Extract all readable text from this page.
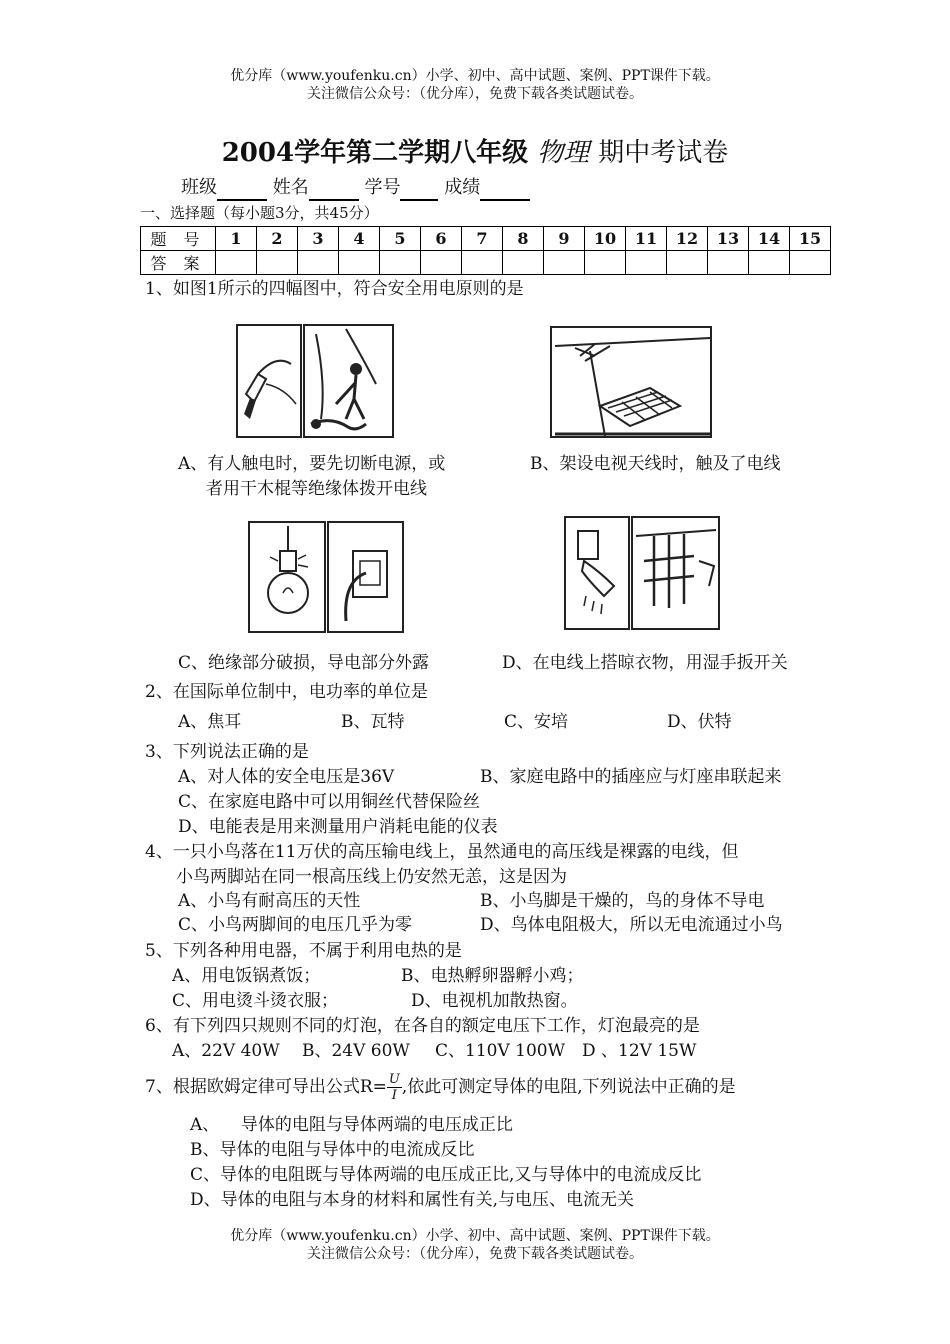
优分库（www.youfenku.cn）小学、初中、高中试题、案例、PPT课件下载。
关注微信公众号：（优分库），免费下载各类试题试卷。
2004学年第二学期八年级 物理 期中考试卷
班级	姓名	学号 成绩
一、选择题（每小题3分，共45分）
题 号	1	2	3	4	5	6	7	8	9	10	11	12	13	14	15
答 案															
1、如图1所示的四幅图中，符合安全用电原则的是
A、有人触电时，要先切断电源，或
者用干木棍等绝缘体拨开电线
B、架设电视天线时，触及了电线
C、绝缘部分破损，导电部分外露	D、在电线上搭晾衣物，用湿手扳开关
2、在国际单位制中，电功率的单位是
A、焦耳	B、瓦特	C、安培	D、伏特
3、下列说法正确的是
A、对人体的安全电压是36V	B、家庭电路中的插座应与灯座串联起来
C、在家庭电路中可以用铜丝代替保险丝
D、电能表是用来测量用户消耗电能的仪表
4、一只小鸟落在11万伏的高压输电线上，虽然通电的高压线是裸露的电线，但
小鸟两脚站在同一根高压线上仍安然无恙，这是因为
A、小鸟有耐高压的天性	B、小鸟脚是干燥的，鸟的身体不导电
C、小鸟两脚间的电压几乎为零	D、鸟体电阻极大，所以无电流通过小鸟
5、下列各种用电器，不属于利用电热的是
A、用电饭锅煮饭；	B、电热孵卵器孵小鸡；
C、用电烫斗烫衣服；	D、电视机加散热窗。
6、有下列四只规则不同的灯泡，在各自的额定电压下工作，灯泡最亮的是
A、22V 40W B、24V 60W C、110V 100W D 、12V 15W
7、根据欧姆定律可导出公式$R= \frac{U}{I}$ ,依此可测定导体的电阻,下列说法中正确的是
A、    导体的电阻与导体两端的电压成正比
B、导体的电阻与导体中的电流成反比
C、导体的电阻既与导体两端的电压成正比,又与导体中的电流成反比
D、导体的电阻与本身的材料和属性有关,与电压、电流无关
优分库（www.youfenku.cn）小学、初中、高中试题、案例、PPT课件下载。
关注微信公众号：（优分库），免费下载各类试题试卷。
